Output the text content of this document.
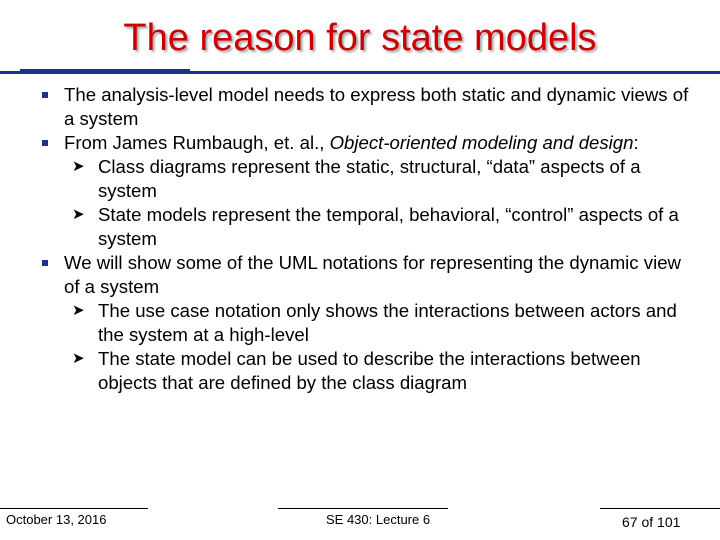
The reason for state models
The analysis-level model needs to express both static and dynamic views of a system
From James Rumbaugh, et. al., Object-oriented modeling and design:
➤ Class diagrams represent the static, structural, “data” aspects of a system
➤ State models represent the temporal, behavioral, “control” aspects of a system
We will show some of the UML notations for representing the dynamic view of a system
➤ The use case notation only shows the interactions between actors and the system at a high-level
➤ The state model can be used to describe the interactions between objects that are defined by the class diagram
October 13, 2016	SE 430: Lecture 6	67 of 101
